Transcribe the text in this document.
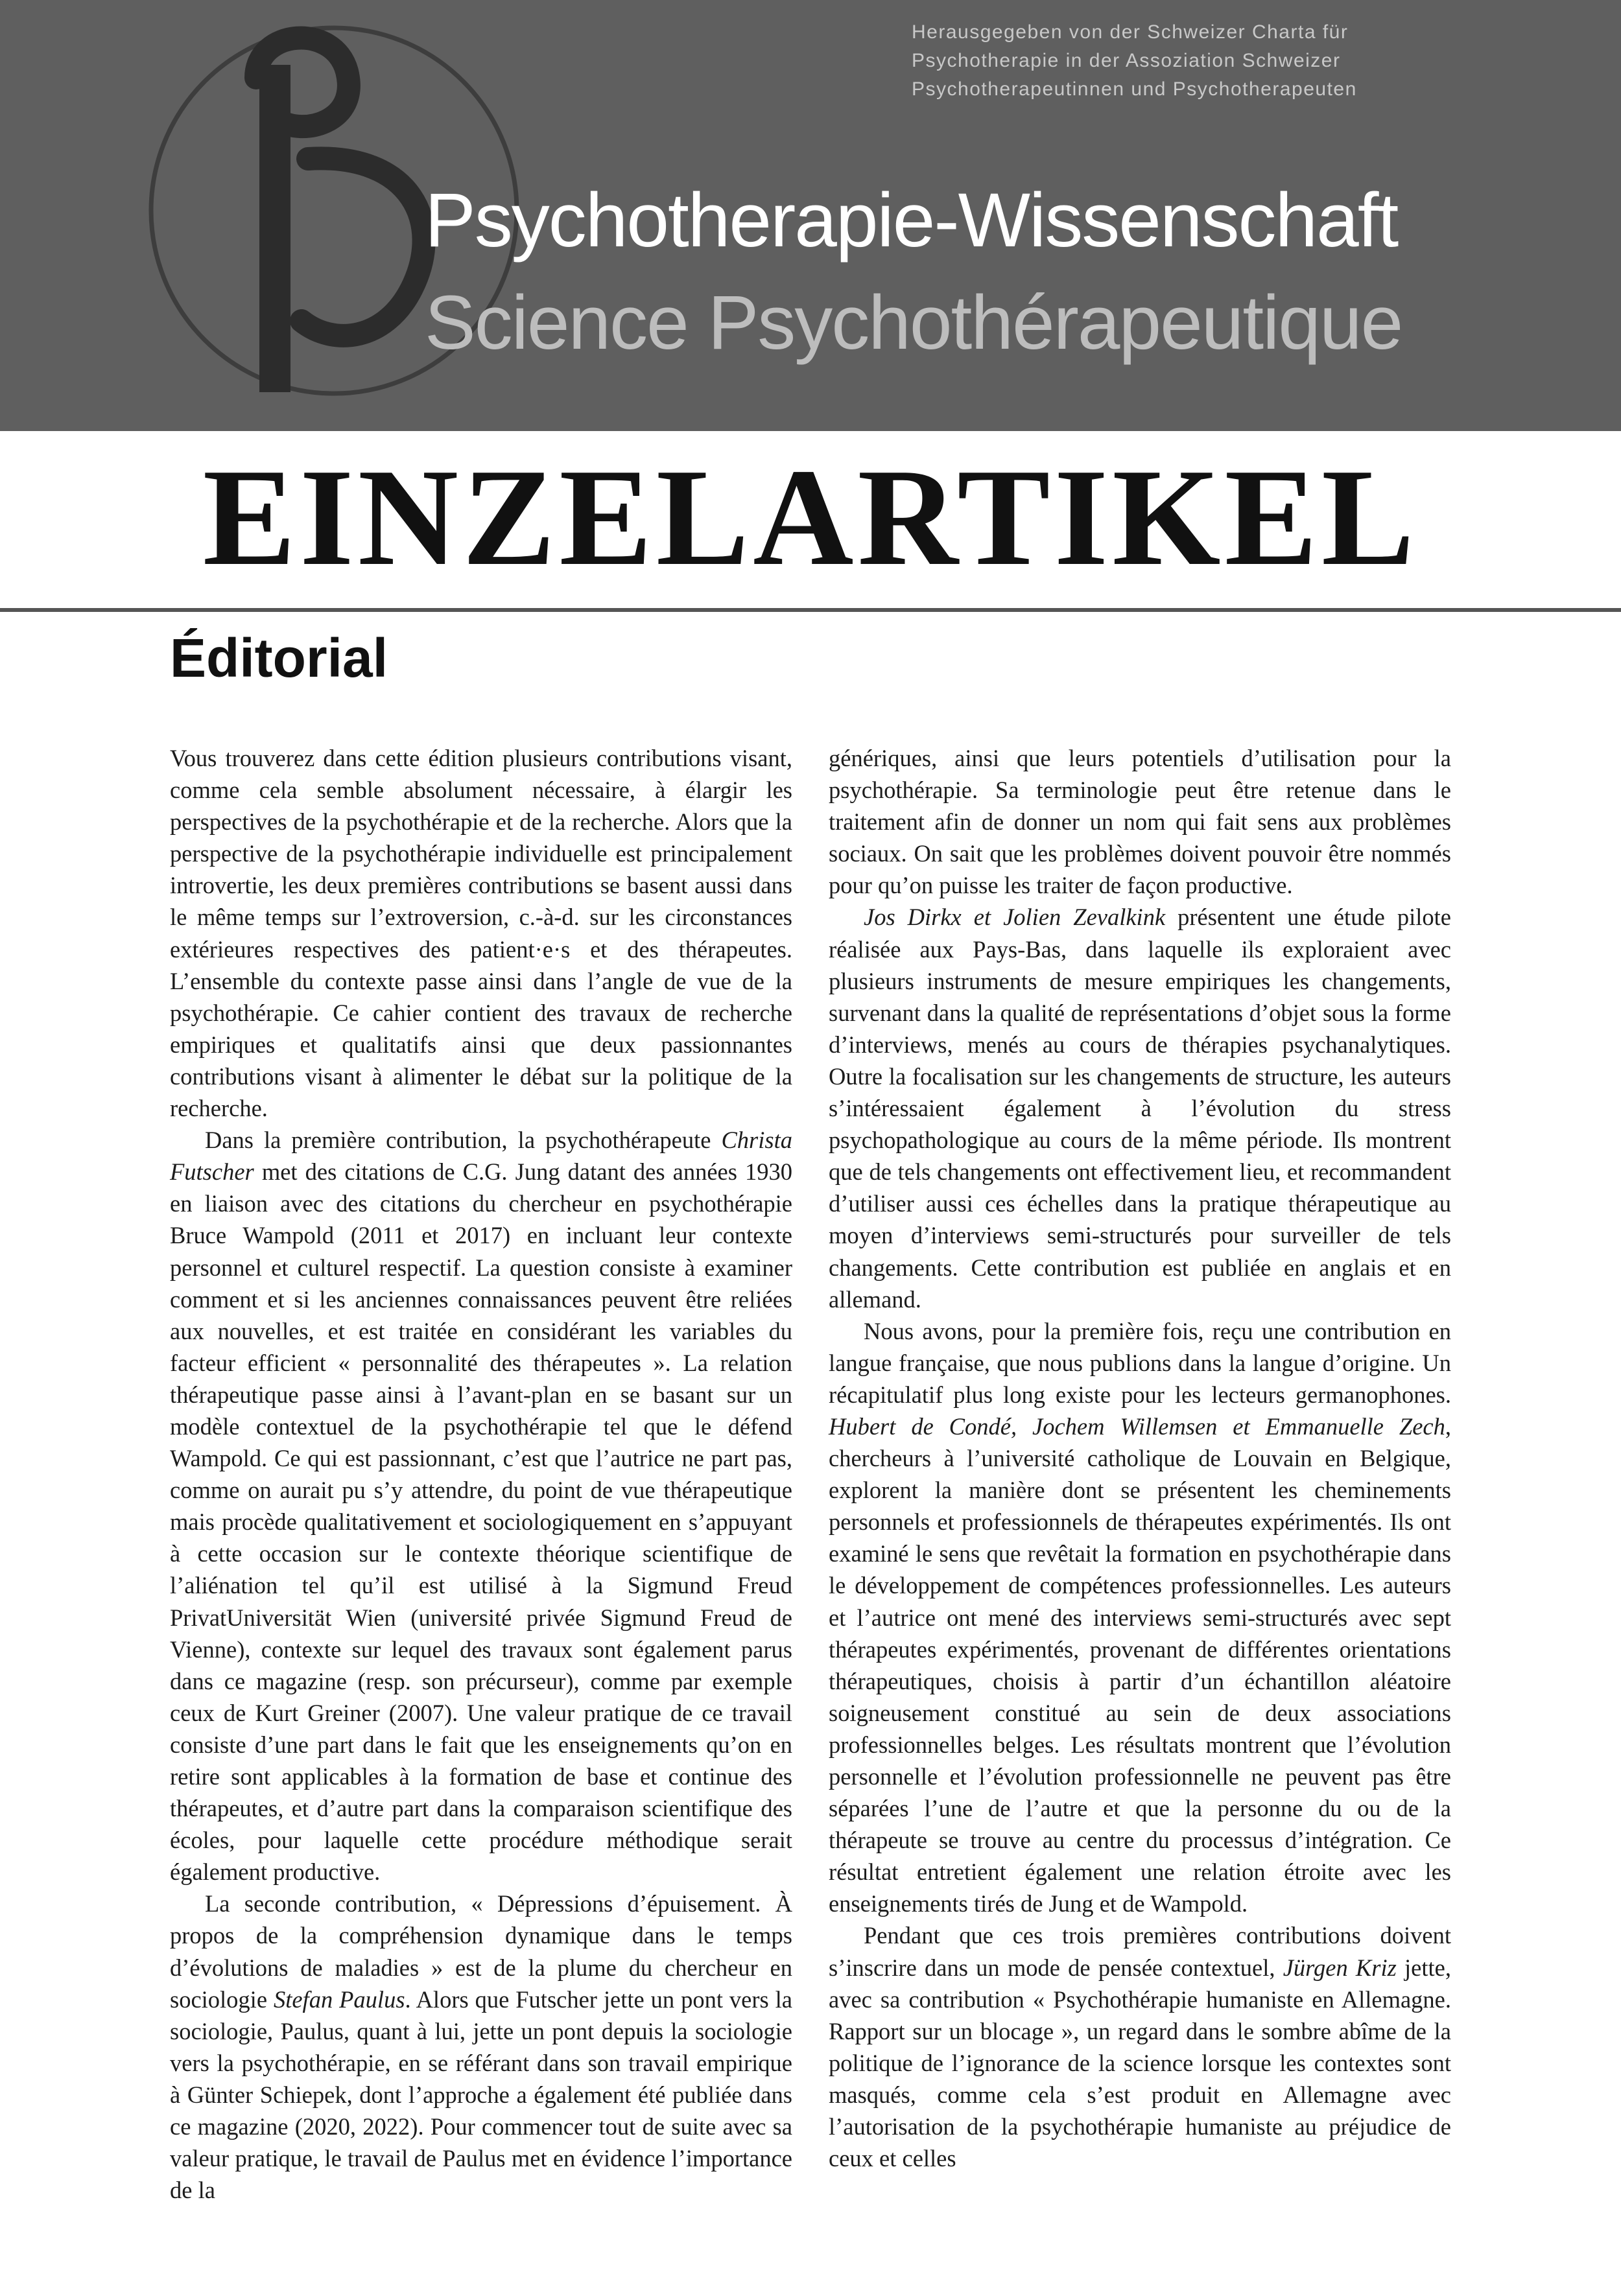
Herausgegeben von der Schweizer Charta für
Psychotherapie in der Assoziation Schweizer
Psychotherapeutinnen und Psychotherapeuten
Psychotherapie-Wissenschaft
Science Psychothérapeutique
EINZELARTIKEL
Éditorial

Vous trouverez dans cette édition plusieurs contributions visant, comme cela semble absolument nécessaire, à élargir les perspectives de la psychothérapie et de la recherche. Alors que la perspective de la psychothérapie individuelle est principalement introvertie, les deux premières contributions se basent aussi dans le même temps sur l’extroversion, c.-à-d. sur les circonstances extérieures respectives des patient·e·s et des thérapeutes. L’ensemble du contexte passe ainsi dans l’angle de vue de la psychothérapie. Ce cahier contient des travaux de recherche empiriques et qualitatifs ainsi que deux passionnantes contributions visant à alimenter le débat sur la politique de la recherche.

Dans la première contribution, la psychothérapeute Christa Futscher met des citations de C.G. Jung datant des années 1930 en liaison avec des citations du chercheur en psychothérapie Bruce Wampold (2011 et 2017) en incluant leur contexte personnel et culturel respectif. La question consiste à examiner comment et si les anciennes connaissances peuvent être reliées aux nouvelles, et est traitée en considérant les variables du facteur efficient « personnalité des thérapeutes ». La relation thérapeutique passe ainsi à l’avant-plan en se basant sur un modèle contextuel de la psychothérapie tel que le défend Wampold. Ce qui est passionnant, c’est que l’autrice ne part pas, comme on aurait pu s’y attendre, du point de vue thérapeutique mais procède qualitativement et sociologiquement en s’appuyant à cette occasion sur le contexte théorique scientifique de l’aliénation tel qu’il est utilisé à la Sigmund Freud PrivatUniversität Wien (université privée Sigmund Freud de Vienne), contexte sur lequel des travaux sont également parus dans ce magazine (resp. son précurseur), comme par exemple ceux de Kurt Greiner (2007). Une valeur pratique de ce travail consiste d’une part dans le fait que les enseignements qu’on en retire sont applicables à la formation de base et continue des thérapeutes, et d’autre part dans la comparaison scientifique des écoles, pour laquelle cette procédure méthodique serait également productive.

La seconde contribution, « Dépressions d’épuisement. À propos de la compréhension dynamique dans le temps d’évolutions de maladies » est de la plume du chercheur en sociologie Stefan Paulus. Alors que Futscher jette un pont vers la sociologie, Paulus, quant à lui, jette un pont depuis la sociologie vers la psychothérapie, en se référant dans son travail empirique à Günter Schiepek, dont l’approche a également été publiée dans ce magazine (2020, 2022). Pour commencer tout de suite avec sa valeur pratique, le travail de Paulus met en évidence l’importance de la

génériques, ainsi que leurs potentiels d’utilisation pour la psychothérapie. Sa terminologie peut être retenue dans le traitement afin de donner un nom qui fait sens aux problèmes sociaux. On sait que les problèmes doivent pouvoir être nommés pour qu’on puisse les traiter de façon productive.

Jos Dirkx et Jolien Zevalkink présentent une étude pilote réalisée aux Pays-Bas, dans laquelle ils exploraient avec plusieurs instruments de mesure empiriques les changements, survenant dans la qualité de représentations d’objet sous la forme d’interviews, menés au cours de thérapies psychanalytiques. Outre la focalisation sur les changements de structure, les auteurs s’intéressaient également à l’évolution du stress psychopathologique au cours de la même période. Ils montrent que de tels changements ont effectivement lieu, et recommandent d’utiliser aussi ces échelles dans la pratique thérapeutique au moyen d’interviews semi-structurés pour surveiller de tels changements. Cette contribution est publiée en anglais et en allemand.

Nous avons, pour la première fois, reçu une contribution en langue française, que nous publions dans la langue d’origine. Un récapitulatif plus long existe pour les lecteurs germanophones. Hubert de Condé, Jochem Willemsen et Emmanuelle Zech, chercheurs à l’université catholique de Louvain en Belgique, explorent la manière dont se présentent les cheminements personnels et professionnels de thérapeutes expérimentés. Ils ont examiné le sens que revêtait la formation en psychothérapie dans le développement de compétences professionnelles. Les auteurs et l’autrice ont mené des interviews semi-structurés avec sept thérapeutes expérimentés, provenant de différentes orientations thérapeutiques, choisis à partir d’un échantillon aléatoire soigneusement constitué au sein de deux associations professionnelles belges. Les résultats montrent que l’évolution personnelle et l’évolution professionnelle ne peuvent pas être séparées l’une de l’autre et que la personne du ou de la thérapeute se trouve au centre du processus d’intégration. Ce résultat entretient également une relation étroite avec les enseignements tirés de Jung et de Wampold.

Pendant que ces trois premières contributions doivent s’inscrire dans un mode de pensée contextuel, Jürgen Kriz jette, avec sa contribution « Psychothérapie humaniste en Allemagne. Rapport sur un blocage », un regard dans le sombre abîme de la politique de l’ignorance de la science lorsque les contextes sont masqués, comme cela s’est produit en Allemagne avec l’autorisation de la psychothérapie humaniste au préjudice de ceux et celles
